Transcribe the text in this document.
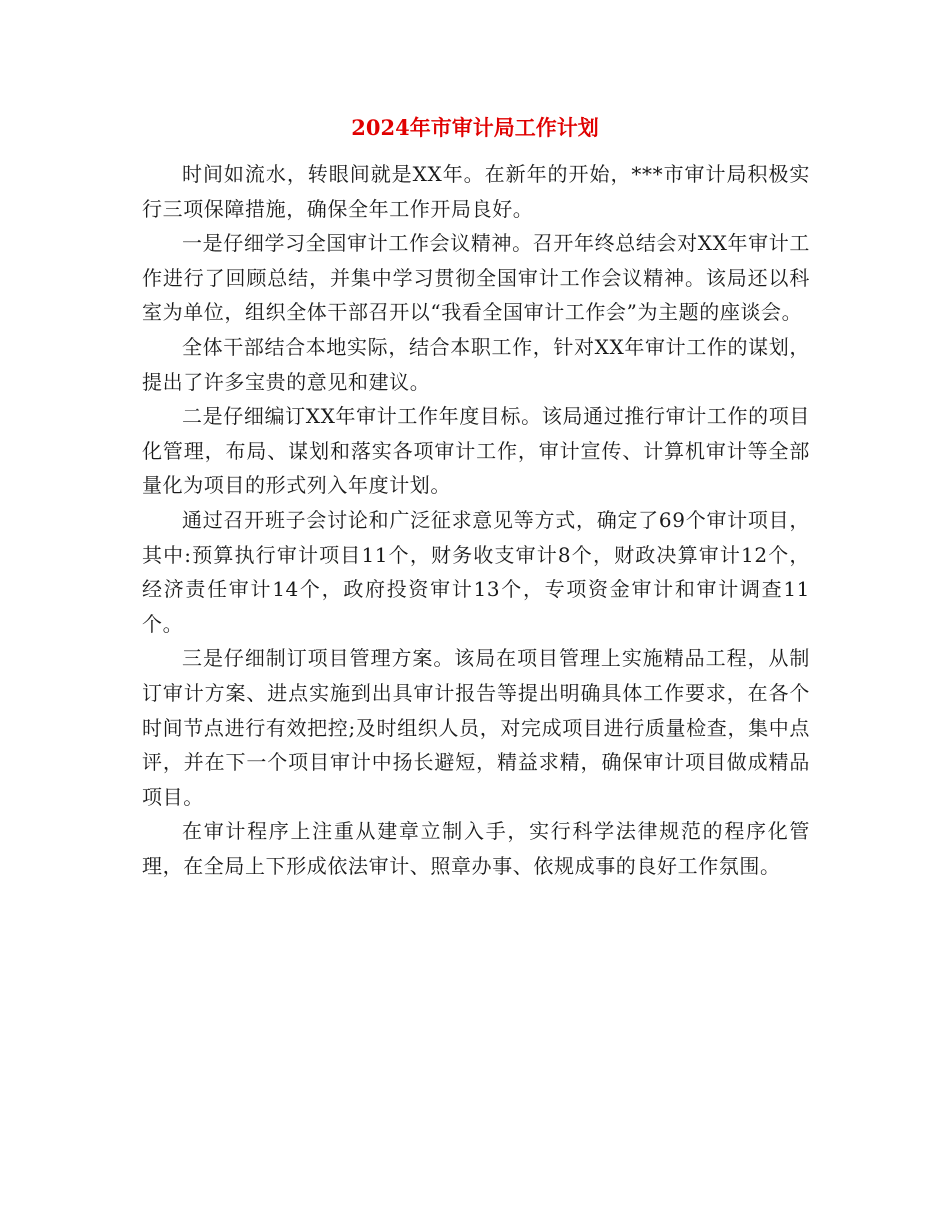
2024年市审计局工作计划

时间如流水，转眼间就是XX年。在新年的开始，***市审计局积极实行三项保障措施，确保全年工作开局良好。

一是仔细学习全国审计工作会议精神。召开年终总结会对XX年审计工作进行了回顾总结，并集中学习贯彻全国审计工作会议精神。该局还以科室为单位，组织全体干部召开以“我看全国审计工作会”为主题的座谈会。

全体干部结合本地实际，结合本职工作，针对XX年审计工作的谋划，提出了许多宝贵的意见和建议。

二是仔细编订XX年审计工作年度目标。该局通过推行审计工作的项目化管理，布局、谋划和落实各项审计工作，审计宣传、计算机审计等全部量化为项目的形式列入年度计划。

通过召开班子会讨论和广泛征求意见等方式，确定了69个审计项目，其中:预算执行审计项目11个，财务收支审计8个，财政决算审计12个，经济责任审计14个，政府投资审计13个，专项资金审计和审计调查11个。

三是仔细制订项目管理方案。该局在项目管理上实施精品工程，从制订审计方案、进点实施到出具审计报告等提出明确具体工作要求，在各个时间节点进行有效把控;及时组织人员，对完成项目进行质量检查，集中点评，并在下一个项目审计中扬长避短，精益求精，确保审计项目做成精品项目。

在审计程序上注重从建章立制入手，实行科学法律规范的程序化管理，在全局上下形成依法审计、照章办事、依规成事的良好工作氛围。
